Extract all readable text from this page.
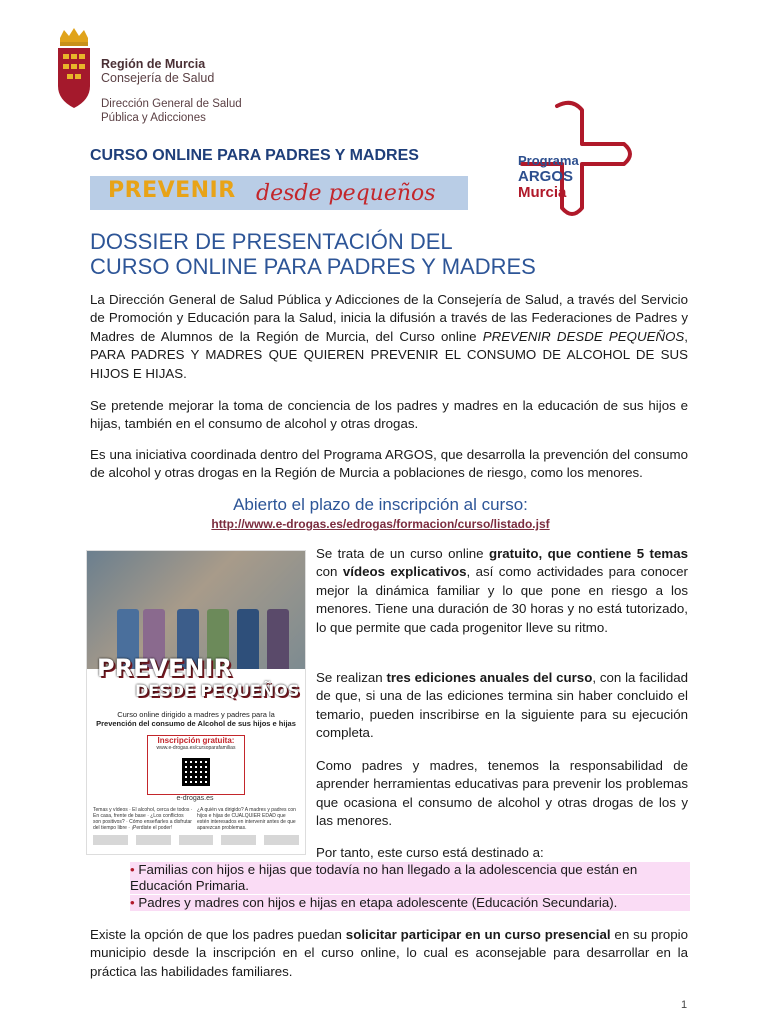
Región de Murcia
Consejería de Salud
Dirección General de Salud
Pública y Adicciones
Programa
ARGOS
Murcia
CURSO ONLINE PARA PADRES Y MADRES
PREVENIR desde pequeños
DOSSIER DE PRESENTACIÓN DEL
CURSO ONLINE PARA PADRES Y MADRES
La Dirección General de Salud Pública y Adicciones de la Consejería de Salud, a través del Servicio de Promoción y Educación para la Salud, inicia la difusión a través de las Federaciones de Padres y Madres de Alumnos de la Región de Murcia, del Curso online PREVENIR DESDE PEQUEÑOS, PARA PADRES Y MADRES QUE QUIEREN PREVENIR EL CONSUMO DE ALCOHOL DE SUS HIJOS E HIJAS.
Se pretende mejorar la toma de conciencia de los padres y madres en la educación de sus hijos e hijas, también en el consumo de alcohol y otras drogas.
Es una iniciativa coordinada dentro del Programa ARGOS, que desarrolla la prevención del consumo de alcohol y otras drogas en la Región de Murcia a poblaciones de riesgo, como los menores.
Abierto el plazo de inscripción al curso:
http://www.e-drogas.es/edrogas/formacion/curso/listado.jsf
PREVENIR
DESDE PEQUEÑOS
Curso online dirigido a madres y padres para la
Prevención del consumo de Alcohol de sus hijos e hijas
Inscripción gratuita:
www.e-drogas.es/cursoparafamilias
e-drogas.es
Temas y vídeos · El alcohol, cerca de todos · En casa, frente de base · ¿Los conflictos son positivos? · Cómo enseñarles a disfrutar del tiempo libre · ¡Perdiste el poder!
¿A quién va dirigido? A madres y padres con hijos e hijas de CUALQUIER EDAD que estén interesados en intervenir antes de que aparezcan problemas.
Se trata de un curso online gratuito, que contiene 5 temas con vídeos explicativos, así como actividades para conocer mejor la dinámica familiar y lo que pone en riesgo a los menores. Tiene una duración de 30 horas y no está tutorizado, lo que permite que cada progenitor lleve su ritmo.
Se realizan tres ediciones anuales del curso, con la facilidad de que, si una de las ediciones termina sin haber concluido el temario, pueden inscribirse en la siguiente para su ejecución completa.
Como padres y madres, tenemos la responsabilidad de aprender herramientas educativas para prevenir los problemas que ocasiona el consumo de alcohol y otras drogas de los y las menores.
Por tanto, este curso está destinado a:
• Familias con hijos e hijas que todavía no han llegado a la adolescencia que están en Educación Primaria.
• Padres y madres con hijos e hijas en etapa adolescente (Educación Secundaria).
Existe la opción de que los padres puedan solicitar participar en un curso presencial en su propio municipio desde la inscripción en el curso online, lo cual es aconsejable para desarrollar en la práctica las habilidades familiares.
1
